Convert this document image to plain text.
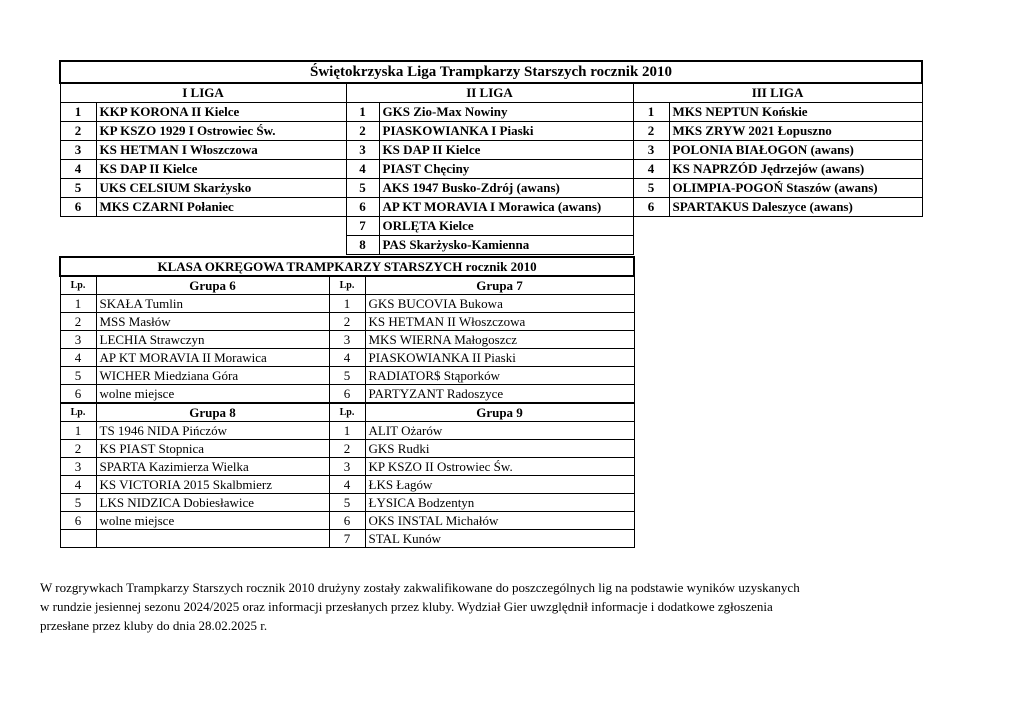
Świętokrzyska Liga Trampkarzy Starszych rocznik 2010					
I LIGA		II LIGA		III LIGA	
1	KKP KORONA II Kielce	1	GKS Zio-Max Nowiny	1	MKS NEPTUN Końskie
2	KP KSZO 1929 I Ostrowiec Św.	2	PIASKOWIANKA I Piaski	2	MKS ZRYW 2021 Łopuszno
3	KS HETMAN I Włoszczowa	3	KS DAP II Kielce	3	POLONIA BIAŁOGON (awans)
4	KS DAP II Kielce	4	PIAST Chęciny	4	KS NAPRZÓD Jędrzejów (awans)
5	UKS CELSIUM Skarżysko	5	AKS 1947 Busko-Zdrój (awans)	5	OLIMPIA-POGOŃ Staszów (awans)
6	MKS CZARNI Połaniec	6	AP KT MORAVIA I Morawica (awans)	6	SPARTAKUS Daleszyce (awans)
		7	ORLĘTA Kielce		
		8	PAS Skarżysko-Kamienna		
KLASA OKRĘGOWA TRAMPKARZY STARSZYCH rocznik 2010			
Lp.	Grupa 6	Lp.	Grupa 7
1	SKAŁA Tumlin	1	GKS BUCOVIA Bukowa
2	MSS Masłów	2	KS HETMAN II Włoszczowa
3	LECHIA Strawczyn	3	MKS WIERNA Małogoszcz
4	AP KT MORAVIA II Morawica	4	PIASKOWIANKA II Piaski
5	WICHER Miedziana Góra	5	RADIATOR$ Stąporków
6	wolne miejsce	6	PARTYZANT Radoszyce
Lp.	Grupa 8	Lp.	Grupa 9
1	TS 1946 NIDA Pińczów	1	ALIT Ożarów
2	KS PIAST Stopnica	2	GKS Rudki
3	SPARTA Kazimierza Wielka	3	KP KSZO II Ostrowiec Św.
4	KS VICTORIA 2015 Skalbmierz	4	ŁKS Łagów
5	LKS NIDZICA Dobiesławice	5	ŁYSICA Bodzentyn
6	wolne miejsce	6	OKS INSTAL Michałów
		7	STAL Kunów
W rozgrywkach Trampkarzy Starszych rocznik 2010 drużyny zostały zakwalifikowane do poszczególnych lig na podstawie wyników uzyskanych
w rundzie jesiennej sezonu 2024/2025 oraz informacji przesłanych przez kluby. Wydział Gier uwzględnił informacje i dodatkowe zgłoszenia
przesłane przez kluby do dnia 28.02.2025 r.
